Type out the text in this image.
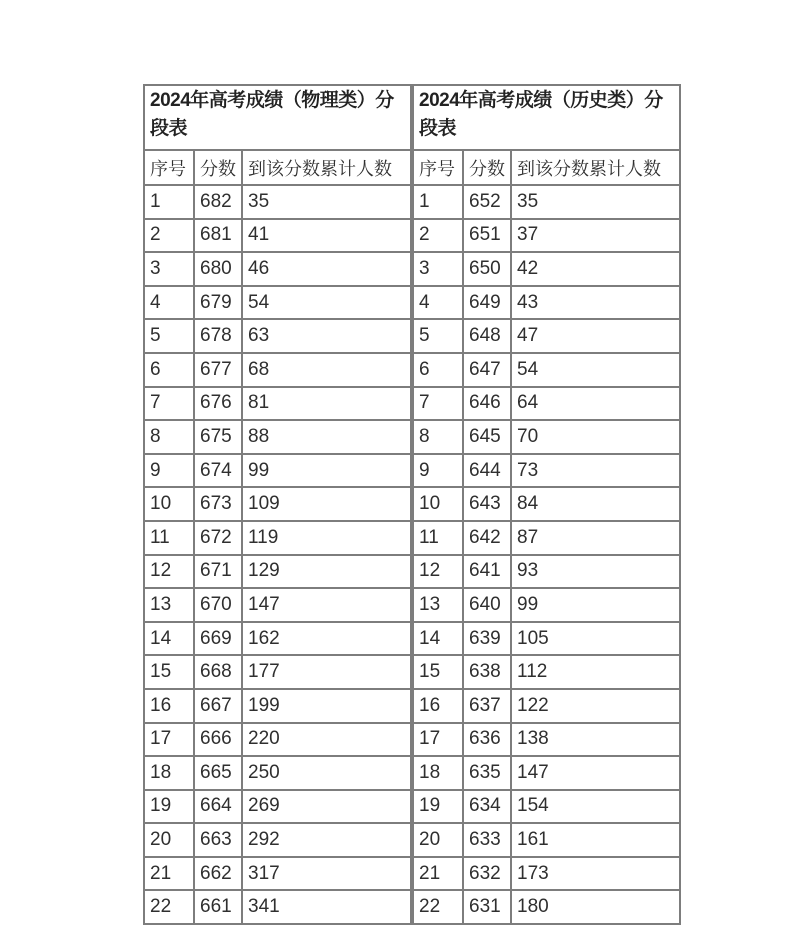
2024年高考成绩（物理类）分段表		
序号	分数	到该分数累计人数
1	682	35
2	681	41
3	680	46
4	679	54
5	678	63
6	677	68
7	676	81
8	675	88
9	674	99
10	673	109
11	672	119
12	671	129
13	670	147
14	669	162
15	668	177
16	667	199
17	666	220
18	665	250
19	664	269
20	663	292
21	662	317
22	661	341
2024年高考成绩（历史类）分段表		
序号	分数	到该分数累计人数
1	652	35
2	651	37
3	650	42
4	649	43
5	648	47
6	647	54
7	646	64
8	645	70
9	644	73
10	643	84
11	642	87
12	641	93
13	640	99
14	639	105
15	638	112
16	637	122
17	636	138
18	635	147
19	634	154
20	633	161
21	632	173
22	631	180
